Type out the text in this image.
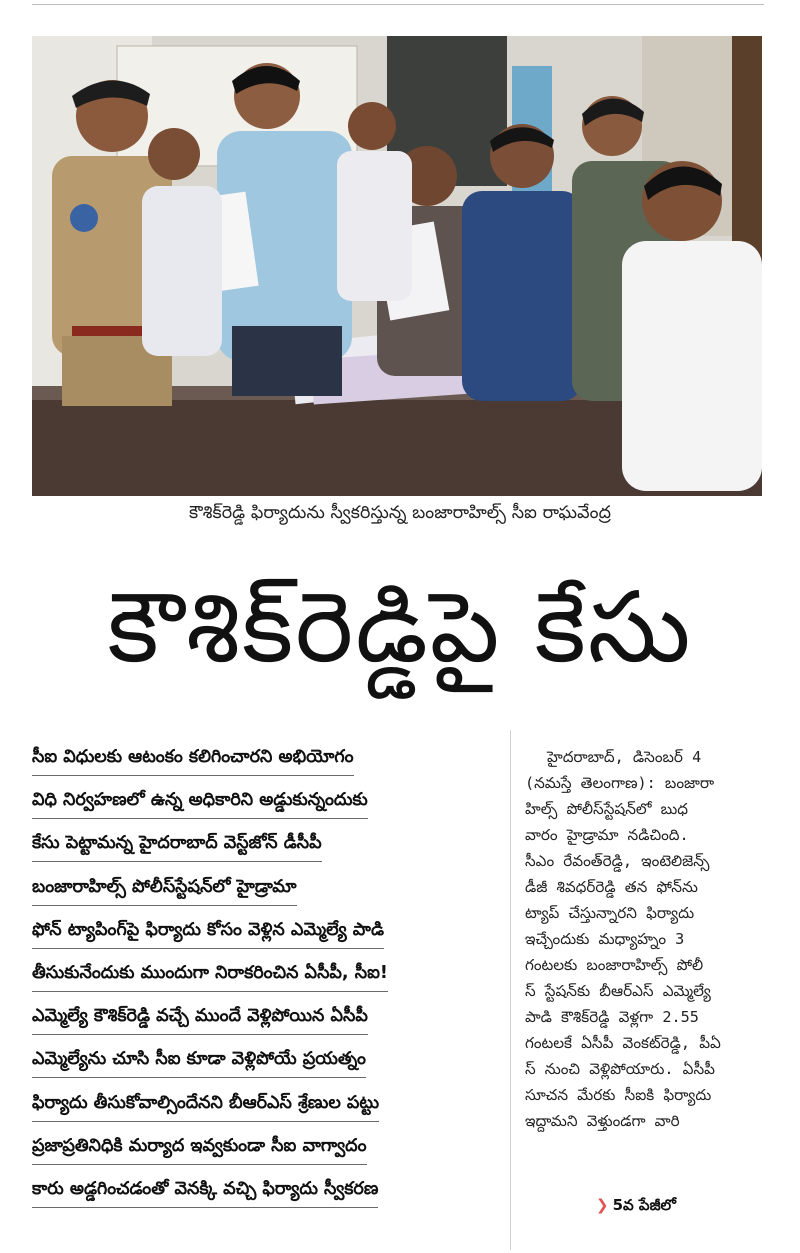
కౌశిక్‌రెడ్డి ఫిర్యాదును స్వీకరిస్తున్న బంజారాహిల్స్‌ సీఐ రాఘవేంద్ర
కౌశిక్‌రెడ్డిపై కేసు
సీఐ విధులకు ఆటంకం కలిగించారని అభియోగం
విధి నిర్వహణలో ఉన్న అధికారిని అడ్డుకున్నందుకు
కేసు పెట్టామన్న హైదరాబాద్ వెస్ట్‌జోన్ డీసీపీ
బంజారాహిల్స్ పోలీస్‌స్టేషన్‌లో హైడ్రామా
ఫోన్ ట్యాపింగ్‌పై ఫిర్యాదు కోసం వెళ్లిన ఎమ్మెల్యే పాడి
తీసుకునేందుకు ముందుగా నిరాకరించిన ఏసీపీ, సీఐ!
ఎమ్మెల్యే కౌశిక్‌రెడ్డి వచ్చే ముందే వెళ్లిపోయిన ఏసీపీ
ఎమ్మెల్యేను చూసి సీఐ కూడా వెళ్లిపోయే ప్రయత్నం
ఫిర్యాదు తీసుకోవాల్సిందేనని బీఆర్‌ఎస్ శ్రేణుల పట్టు
ప్రజాప్రతినిధికి మర్యాద ఇవ్వకుండా సీఐ వాగ్వాదం
కారు అడ్డగించడంతో వెనక్కి వచ్చి ఫిర్యాదు స్వీకరణ
హైదరాబాద్, డిసెంబర్ 4
(నమస్తే తెలంగాణ): బంజారా
హిల్స్ పోలీస్‌స్టేషన్‌లో బుధ
వారం హైడ్రామా నడిచింది.
సీఎం రేవంత్‌రెడ్డి, ఇంటెలిజెన్స్
డీజీ శివధర్‌రెడ్డి తన ఫోన్‌ను
ట్యాప్ చేస్తున్నారని ఫిర్యాదు
ఇచ్చేందుకు మధ్యాహ్నం 3
గంటలకు బంజారాహిల్స్ పోలీ
స్ స్టేషన్‌కు బీఆర్‌ఎస్ ఎమ్మెల్యే
పాడి కౌశిక్‌రెడ్డి వెళ్లగా 2.55
గంటలకే ఏసీపీ వెంకట్‌రెడ్డి, పీఏ
స్ నుంచి వెళ్లిపోయారు. ఏసీపీ
సూచన మేరకు సీఐకి ఫిర్యాదు
ఇద్దామని వెళ్తుండగా వారి
❯ 5వ పేజీలో
